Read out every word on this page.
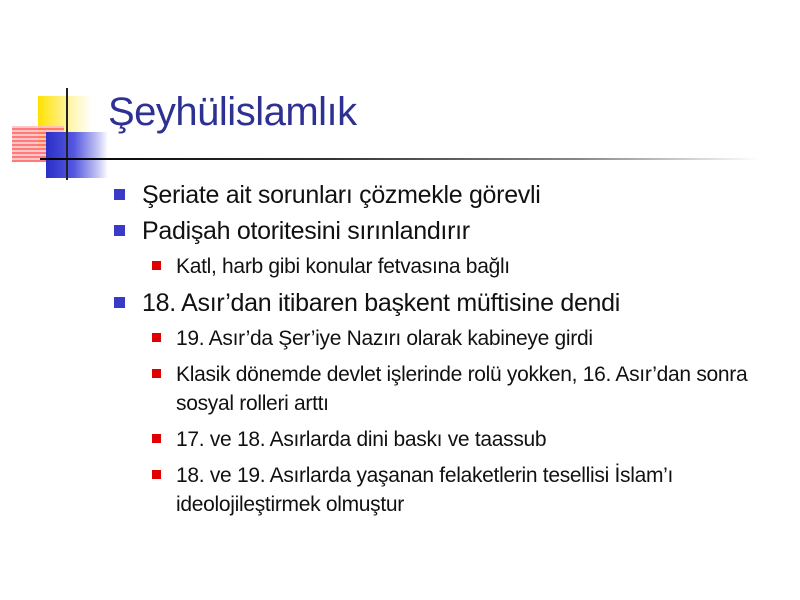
Şeyhülislamlık
Şeriate ait sorunları çözmekle görevli
Padişah otoritesini sırınlandırır
Katl, harb gibi konular fetvasına bağlı
18. Asır’dan itibaren başkent müftisine dendi
19. Asır’da Şer’iye Nazırı olarak kabineye girdi
Klasik dönemde devlet işlerinde rolü yokken, 16. Asır’dan sonra sosyal rolleri arttı
17. ve 18. Asırlarda dini baskı ve taassub
18. ve 19. Asırlarda yaşanan felaketlerin tesellisi İslam’ı ideolojileştirmek olmuştur
